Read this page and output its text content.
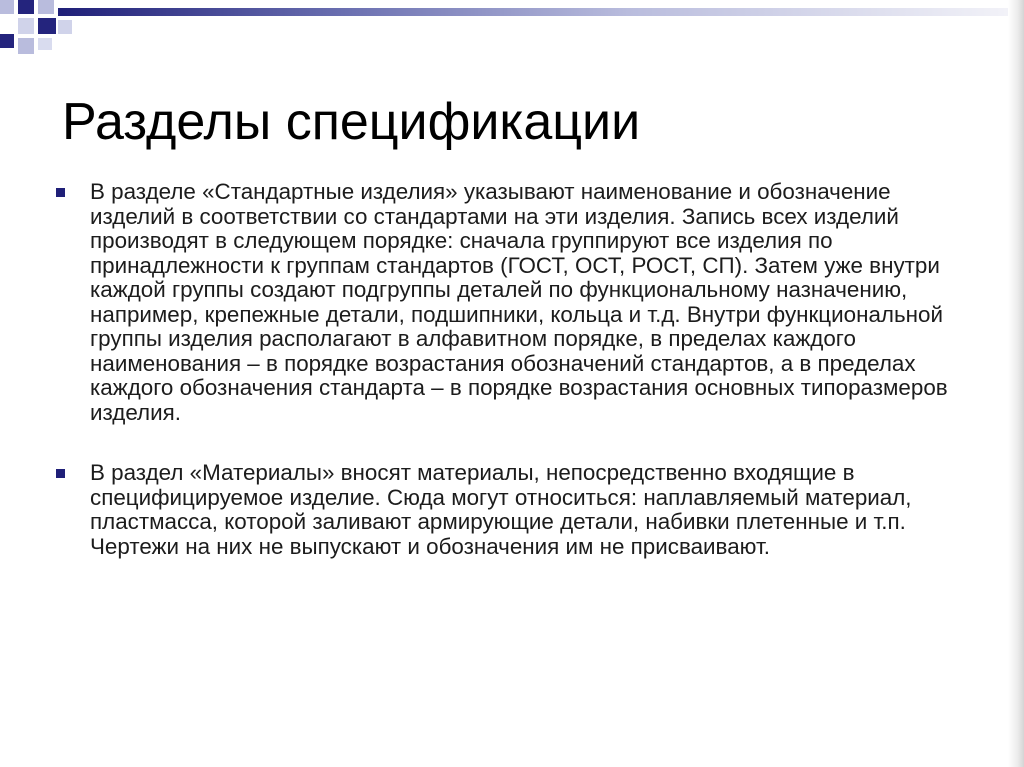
Разделы спецификации
В разделе «Стандартные изделия» указывают наименование и обозначение изделий в соответствии со стандартами на эти изделия. Запись всех изделий производят в следующем порядке: сначала группируют все изделия по принадлежности к группам стандартов (ГОСТ, ОСТ, РОСТ, СП). Затем уже внутри каждой группы создают подгруппы деталей по функциональному назначению, например, крепежные детали, подшипники, кольца и т.д. Внутри функциональной группы изделия располагают в алфавитном порядке, в пределах каждого наименования – в порядке возрастания обозначений стандартов, а в пределах каждого обозначения стандарта – в порядке возрастания основных типоразмеров изделия.
В раздел «Материалы» вносят материалы, непосредственно входящие в специфицируемое изделие. Сюда могут относиться: наплавляемый материал, пластмасса, которой заливают армирующие детали, набивки плетенные и т.п. Чертежи на них не выпускают и обозначения им не присваивают.
